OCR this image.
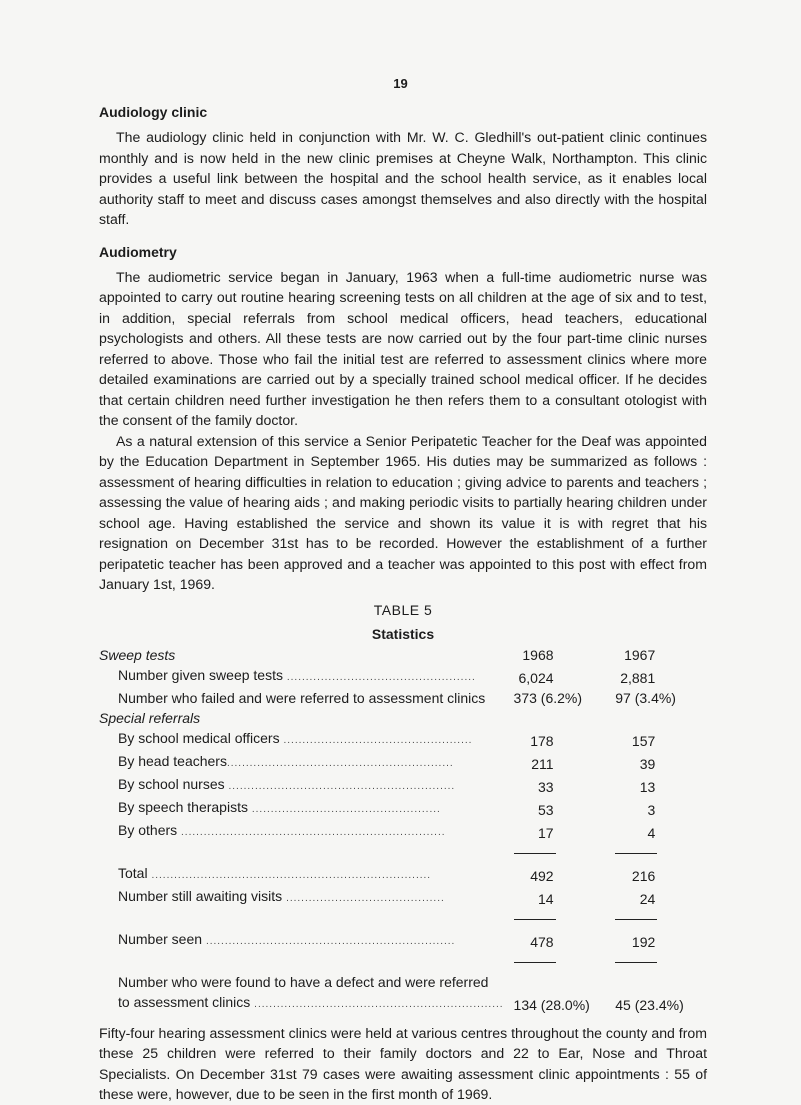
19
Audiology clinic

The audiology clinic held in conjunction with Mr. W. C. Gledhill's out-patient clinic continues monthly and is now held in the new clinic premises at Cheyne Walk, Northampton. This clinic provides a useful link between the hospital and the school health service, as it enables local authority staff to meet and discuss cases amongst themselves and also directly with the hospital staff.

Audiometry

The audiometric service began in January, 1963 when a full-time audiometric nurse was appointed to carry out routine hearing screening tests on all children at the age of six and to test, in addition, special referrals from school medical officers, head teachers, educational psychologists and others. All these tests are now carried out by the four part-time clinic nurses referred to above. Those who fail the initial test are referred to assessment clinics where more detailed examinations are carried out by a specially trained school medical officer. If he decides that certain children need further investigation he then refers them to a consultant otologist with the consent of the family doctor.

As a natural extension of this service a Senior Peripatetic Teacher for the Deaf was appointed by the Education Department in September 1965. His duties may be summarized as follows : assessment of hearing difficulties in relation to education ; giving advice to parents and teachers ; assessing the value of hearing aids ; and making periodic visits to partially hearing children under school age. Having established the service and shown its value it is with regret that his resignation on December 31st has to be recorded. However the establishment of a further peripatetic teacher has been approved and a teacher was appointed to this post with effect from January 1st, 1969.

TABLE 5
Statistics
Sweep tests	1968	1967
Number given sweep tests ..................................................	6,024	2,881
Number who failed and were referred to assessment clinics	373 (6.2%)	97 (3.4%)
Special referrals		
By school medical officers ..................................................	178	157
By head teachers............................................................	211	39
By school nurses ............................................................	33	13
By speech therapists ..................................................	53	3
By others ......................................................................	17	4

Total ..........................................................................	492	216
Number still awaiting visits ..........................................	14	24

Number seen ..................................................................	478	192

Number who were found to have a defect and were referred		
to assessment clinics ..................................................................	134 (28.0%)	45 (23.4%)

Fifty-four hearing assessment clinics were held at various centres throughout the county and from these 25 children were referred to their family doctors and 22 to Ear, Nose and Throat Specialists. On December 31st 79 cases were awaiting assessment clinic appointments : 55 of these were, however, due to be seen in the first month of 1969.
